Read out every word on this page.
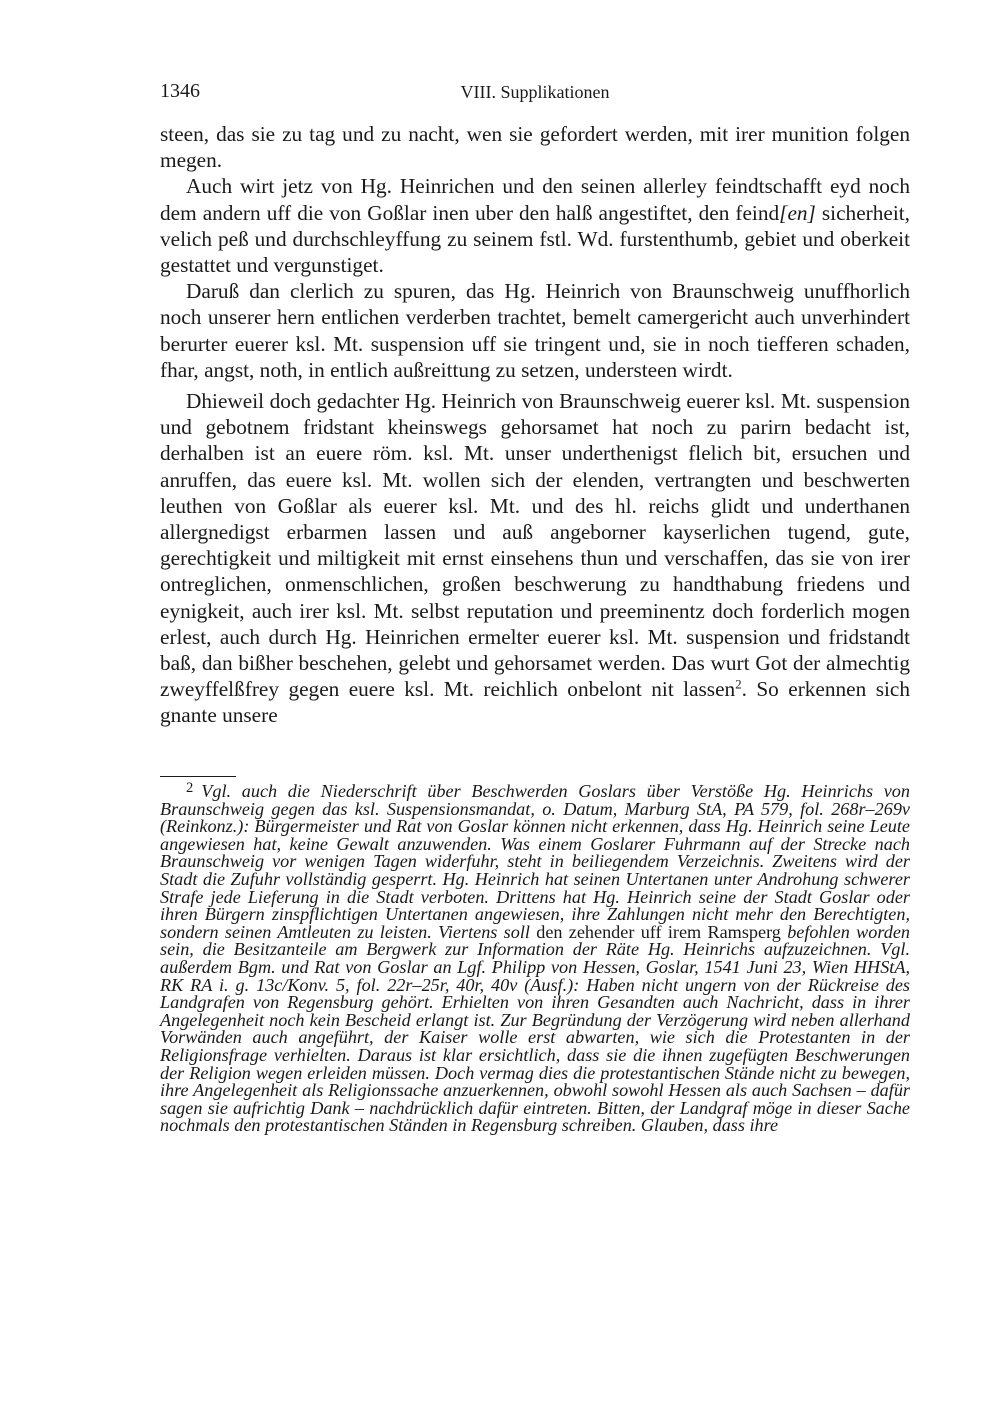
1346	VIII. Supplikationen

steen, das sie zu tag und zu nacht, wen sie gefordert werden, mit irer munition folgen megen.

Auch wirt jetz von Hg. Heinrichen und den seinen allerley feindtschafft eyd noch dem andern uff die von Goßlar inen uber den halß angestiftet, den feind[en] sicherheit, velich peß und durchschleyffung zu seinem fstl. Wd. furstenthumb, gebiet und oberkeit gestattet und vergunstiget.

Daruß dan clerlich zu spuren, das Hg. Heinrich von Braunschweig unuffhorlich noch unserer hern entlichen verderben trachtet, bemelt camergericht auch unverhindert berurter euerer ksl. Mt. suspension uff sie tringent und, sie in noch tiefferen schaden, fhar, angst, noth, in entlich außreittung zu setzen, understeen wirdt.

Dhieweil doch gedachter Hg. Heinrich von Braunschweig euerer ksl. Mt. suspension und gebotnem fridstant kheinswegs gehorsamet hat noch zu parirn bedacht ist, derhalben ist an euere röm. ksl. Mt. unser underthenigst flelich bit, ersuchen und anruffen, das euere ksl. Mt. wollen sich der elenden, vertrangten und beschwerten leuthen von Goßlar als euerer ksl. Mt. und des hl. reichs glidt und underthanen allergnedigst erbarmen lassen und auß angeborner kayserlichen tugend, gute, gerechtigkeit und miltigkeit mit ernst einsehens thun und verschaffen, das sie von irer ontreglichen, onmenschlichen, großen beschwerung zu handthabung friedens und eynigkeit, auch irer ksl. Mt. selbst reputation und preeminentz doch forderlich mogen erlest, auch durch Hg. Heinrichen ermelter euerer ksl. Mt. suspension und fridstandt baß, dan bißher beschehen, gelebt und gehorsamet werden. Das wurt Got der almechtig zweyffelßfrey gegen euere ksl. Mt. reichlich onbelont nit lassen$^2$. So erkennen sich gnante unsere

$^2$ Vgl. auch die Niederschrift über Beschwerden Goslars über Verstöße Hg. Heinrichs von Braunschweig gegen das ksl. Suspensionsmandat, o. Datum, Marburg StA, PA 579, fol. 268r–269v (Reinkonz.): Bürgermeister und Rat von Goslar können nicht erkennen, dass Hg. Heinrich seine Leute angewiesen hat, keine Gewalt anzuwenden. Was einem Goslarer Fuhrmann auf der Strecke nach Braunschweig vor wenigen Tagen widerfuhr, steht in beiliegendem Verzeichnis. Zweitens wird der Stadt die Zufuhr vollständig gesperrt. Hg. Heinrich hat seinen Untertanen unter Androhung schwerer Strafe jede Lieferung in die Stadt verboten. Drittens hat Hg. Heinrich seine der Stadt Goslar oder ihren Bürgern zinspflichtigen Untertanen angewiesen, ihre Zahlungen nicht mehr den Berechtigten, sondern seinen Amtleuten zu leisten. Viertens soll den zehender uff irem Ramsperg befohlen worden sein, die Besitzanteile am Bergwerk zur Information der Räte Hg. Heinrichs aufzuzeichnen. Vgl. außerdem Bgm. und Rat von Goslar an Lgf. Philipp von Hessen, Goslar, 1541 Juni 23, Wien HHStA, RK RA i. g. 13c/Konv. 5, fol. 22r–25r, 40r, 40v (Ausf.): Haben nicht ungern von der Rückreise des Landgrafen von Regensburg gehört. Erhielten von ihren Gesandten auch Nachricht, dass in ihrer Angelegenheit noch kein Bescheid erlangt ist. Zur Begründung der Verzögerung wird neben allerhand Vorwänden auch angeführt, der Kaiser wolle erst abwarten, wie sich die Protestanten in der Religionsfrage verhielten. Daraus ist klar ersichtlich, dass sie die ihnen zugefügten Beschwerungen der Religion wegen erleiden müssen. Doch vermag dies die protestantischen Stände nicht zu bewegen, ihre Angelegenheit als Religionssache anzuerkennen, obwohl sowohl Hessen als auch Sachsen – dafür sagen sie aufrichtig Dank – nachdrücklich dafür eintreten. Bitten, der Landgraf möge in dieser Sache nochmals den protestantischen Ständen in Regensburg schreiben. Glauben, dass ihre
